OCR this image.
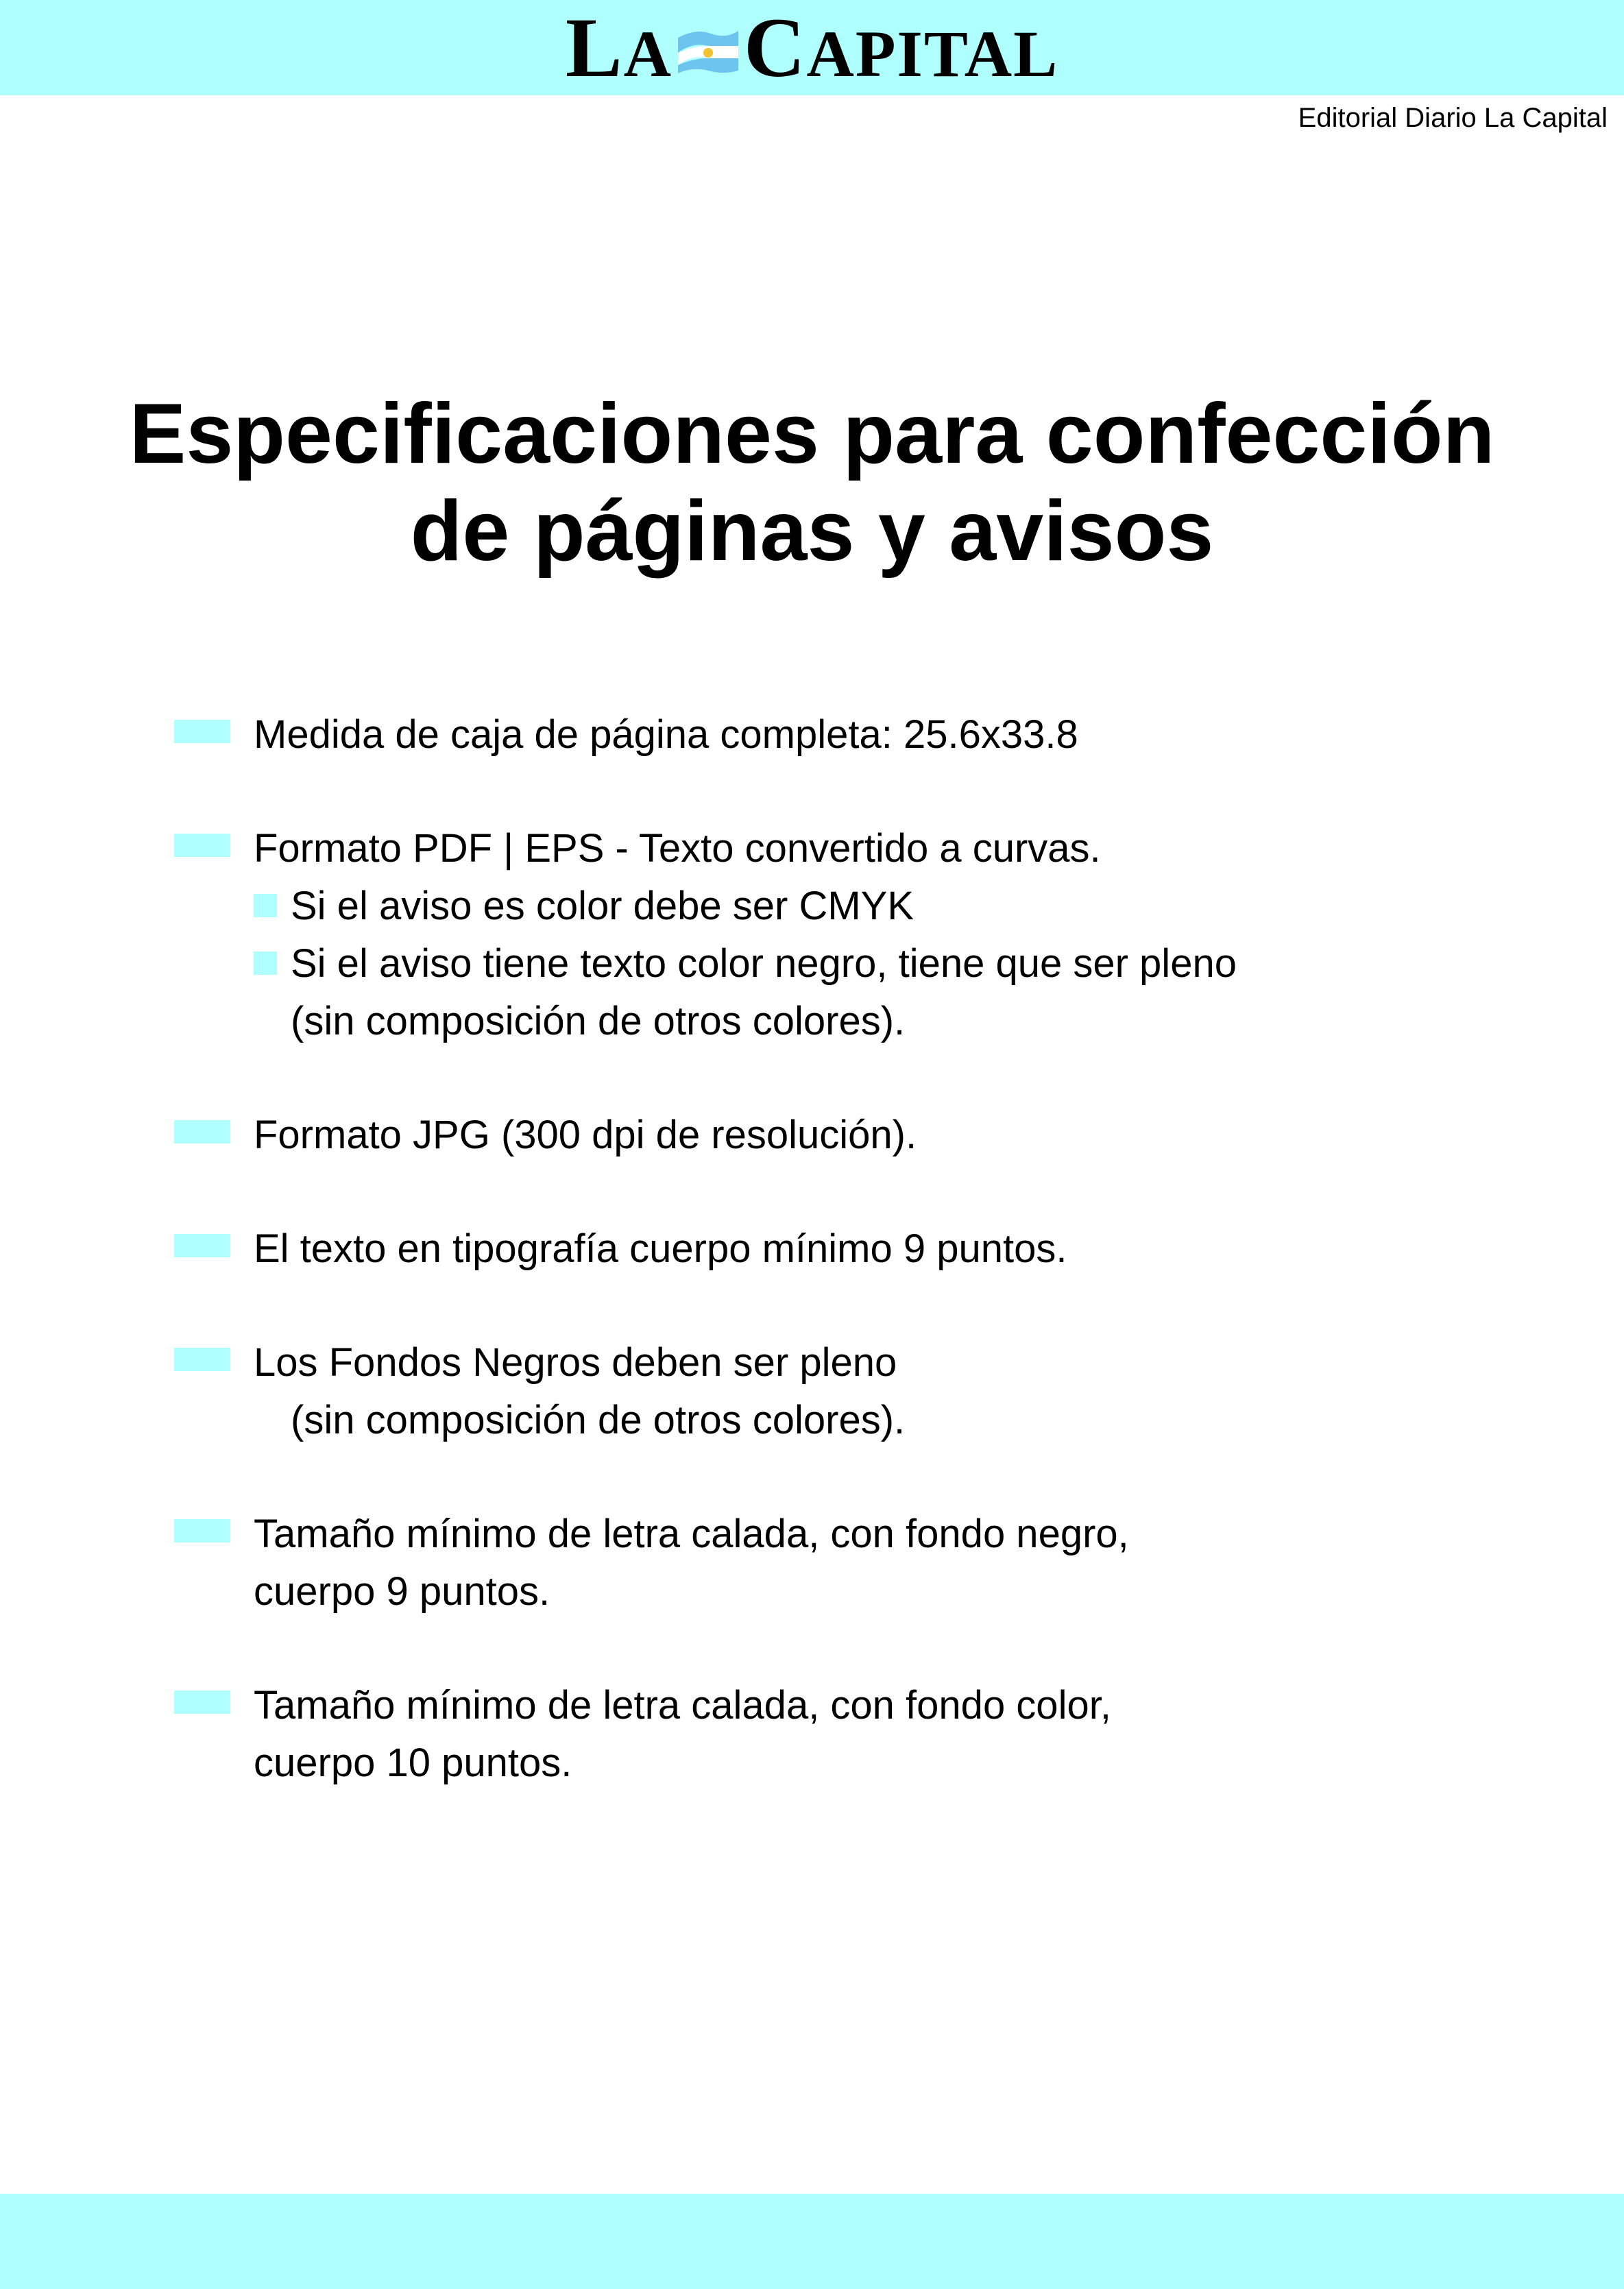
L A C APITAL
Editorial Diario La Capital
Especificaciones para confección
de páginas y avisos
Medida de caja de página completa: 25.6x33.8
Formato PDF | EPS - Texto convertido a curvas.
Si el aviso es color debe ser CMYK
Si el aviso tiene texto color negro, tiene que ser pleno
(sin composición de otros colores).
Formato JPG (300 dpi de resolución).
El texto en tipografía cuerpo mínimo 9 puntos.
Los Fondos Negros deben ser pleno
(sin composición de otros colores).
Tamaño mínimo de letra calada, con fondo negro,
cuerpo 9 puntos.
Tamaño mínimo de letra calada, con fondo color,
cuerpo 10 puntos.
